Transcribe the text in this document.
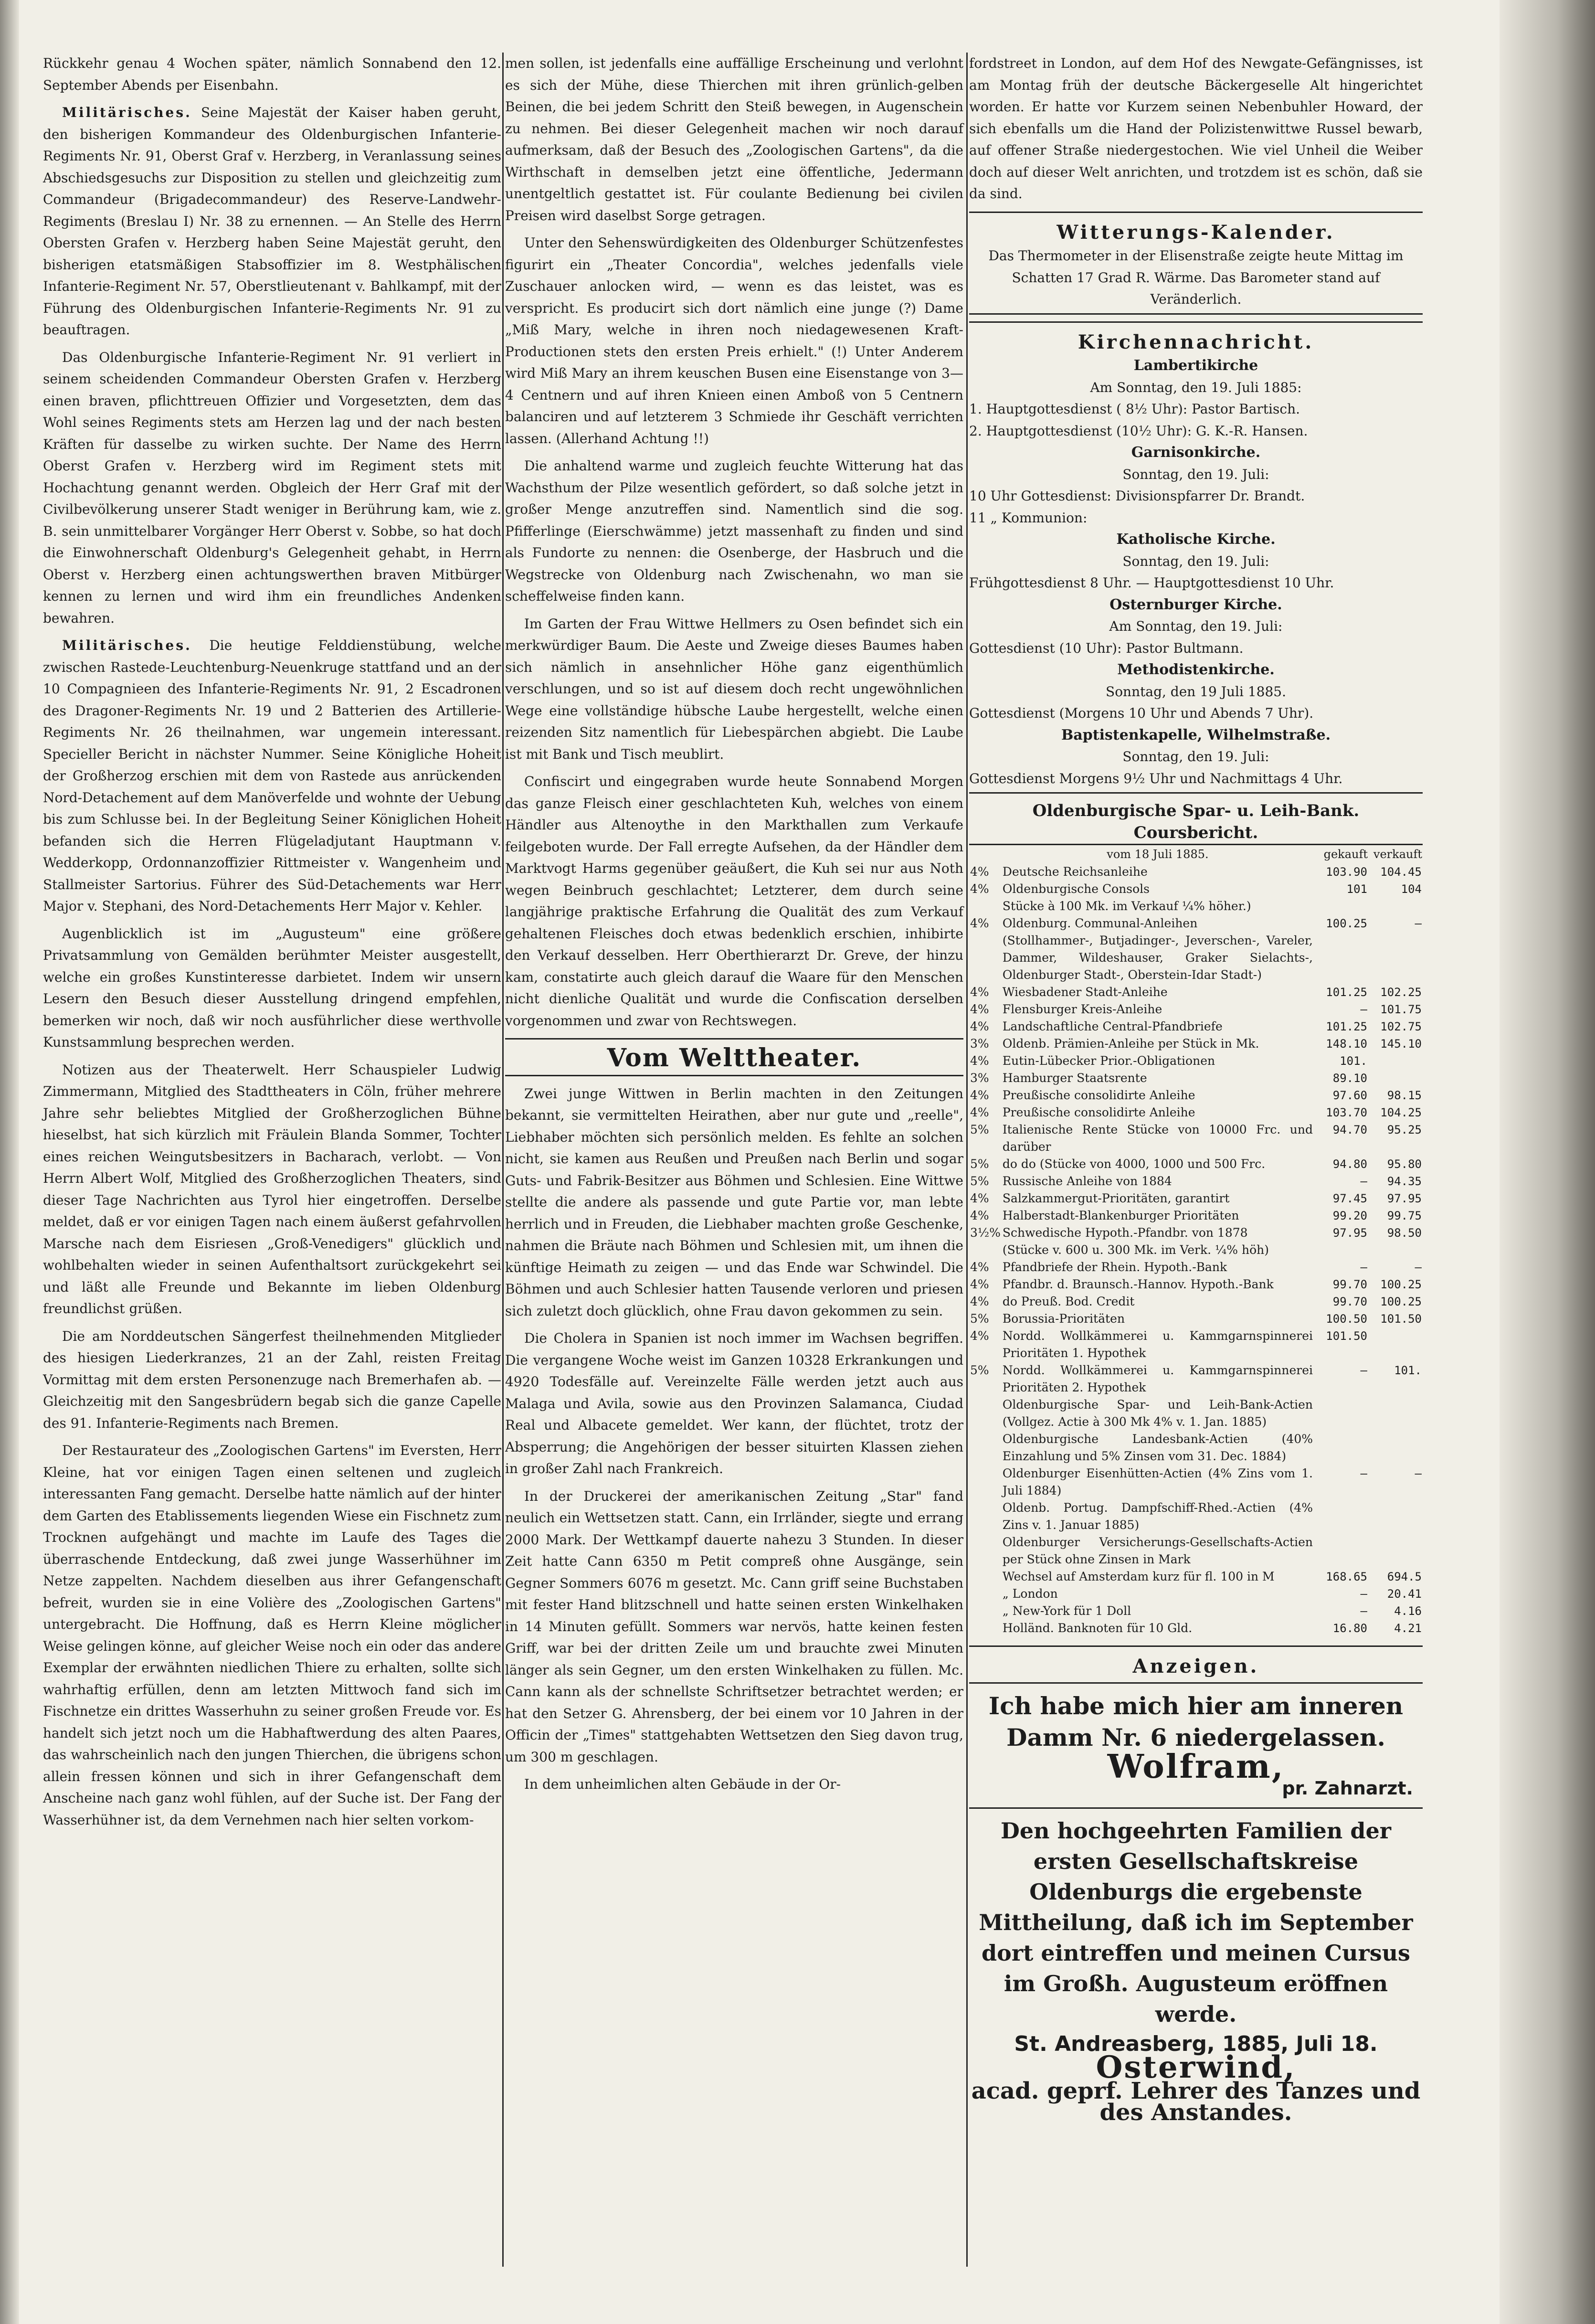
Rückkehr genau 4 Wochen später, nämlich Sonnabend den 12. September Abends per Eisenbahn.

Militärisches. Seine Majestät der Kaiser haben geruht, den bisherigen Kommandeur des Oldenburgischen Infanterie-Regiments Nr. 91, Oberst Graf v. Herzberg, in Veranlassung seines Abschiedsgesuchs zur Disposition zu stellen und gleichzeitig zum Commandeur (Brigadecommandeur) des Reserve-Landwehr-Regiments (Breslau I) Nr. 38 zu ernennen. — An Stelle des Herrn Obersten Grafen v. Herzberg haben Seine Majestät geruht, den bisherigen etatsmäßigen Stabsoffizier im 8. Westphälischen Infanterie-Regiment Nr. 57, Oberstlieutenant v. Bahlkampf, mit der Führung des Oldenburgischen Infanterie-Regiments Nr. 91 zu beauftragen.

Das Oldenburgische Infanterie-Regiment Nr. 91 verliert in seinem scheidenden Commandeur Obersten Grafen v. Herzberg einen braven, pflichttreuen Offizier und Vorgesetzten, dem das Wohl seines Regiments stets am Herzen lag und der nach besten Kräften für dasselbe zu wirken suchte. Der Name des Herrn Oberst Grafen v. Herzberg wird im Regiment stets mit Hochachtung genannt werden. Obgleich der Herr Graf mit der Civilbevölkerung unserer Stadt weniger in Berührung kam, wie z. B. sein unmittelbarer Vorgänger Herr Oberst v. Sobbe, so hat doch die Einwohnerschaft Oldenburg's Gelegenheit gehabt, in Herrn Oberst v. Herzberg einen achtungswerthen braven Mitbürger kennen zu lernen und wird ihm ein freundliches Andenken bewahren.

Militärisches. Die heutige Felddienstübung, welche zwischen Rastede-Leuchtenburg-Neuenkruge stattfand und an der 10 Compagnieen des Infanterie-Regiments Nr. 91, 2 Escadronen des Dragoner-Regiments Nr. 19 und 2 Batterien des Artillerie-Regiments Nr. 26 theilnahmen, war ungemein interessant. Specieller Bericht in nächster Nummer. Seine Königliche Hoheit der Großherzog erschien mit dem von Rastede aus anrückenden Nord-Detachement auf dem Manöverfelde und wohnte der Uebung bis zum Schlusse bei. In der Begleitung Seiner Königlichen Hoheit befanden sich die Herren Flügeladjutant Hauptmann v. Wedderkopp, Ordonnanzoffizier Rittmeister v. Wangenheim und Stallmeister Sartorius. Führer des Süd-Detachements war Herr Major v. Stephani, des Nord-Detachements Herr Major v. Kehler.

Augenblicklich ist im „Augusteum" eine größere Privatsammlung von Gemälden berühmter Meister ausgestellt, welche ein großes Kunstinteresse darbietet. Indem wir unsern Lesern den Besuch dieser Ausstellung dringend empfehlen, bemerken wir noch, daß wir noch ausführlicher diese werthvolle Kunstsammlung besprechen werden.

Notizen aus der Theaterwelt. Herr Schauspieler Ludwig Zimmermann, Mitglied des Stadttheaters in Cöln, früher mehrere Jahre sehr beliebtes Mitglied der Großherzoglichen Bühne hieselbst, hat sich kürzlich mit Fräulein Blanda Sommer, Tochter eines reichen Weingutsbesitzers in Bacharach, verlobt. — Von Herrn Albert Wolf, Mitglied des Großherzoglichen Theaters, sind dieser Tage Nachrichten aus Tyrol hier eingetroffen. Derselbe meldet, daß er vor einigen Tagen nach einem äußerst gefahrvollen Marsche nach dem Eisriesen „Groß-Venedigers" glücklich und wohlbehalten wieder in seinen Aufenthaltsort zurückgekehrt sei und läßt alle Freunde und Bekannte im lieben Oldenburg freundlichst grüßen.

Die am Norddeutschen Sängerfest theilnehmenden Mitglieder des hiesigen Liederkranzes, 21 an der Zahl, reisten Freitag Vormittag mit dem ersten Personenzuge nach Bremerhafen ab. — Gleichzeitig mit den Sangesbrüdern begab sich die ganze Capelle des 91. Infanterie-Regiments nach Bremen.

Der Restaurateur des „Zoologischen Gartens" im Eversten, Herr Kleine, hat vor einigen Tagen einen seltenen und zugleich interessanten Fang gemacht. Derselbe hatte nämlich auf der hinter dem Garten des Etablissements liegenden Wiese ein Fischnetz zum Trocknen aufgehängt und machte im Laufe des Tages die überraschende Entdeckung, daß zwei junge Wasserhühner im Netze zappelten. Nachdem dieselben aus ihrer Gefangenschaft befreit, wurden sie in eine Volière des „Zoologischen Gartens" untergebracht. Die Hoffnung, daß es Herrn Kleine möglicher Weise gelingen könne, auf gleicher Weise noch ein oder das andere Exemplar der erwähnten niedlichen Thiere zu erhalten, sollte sich wahrhaftig erfüllen, denn am letzten Mittwoch fand sich im Fischnetze ein drittes Wasserhuhn zu seiner großen Freude vor. Es handelt sich jetzt noch um die Habhaftwerdung des alten Paares, das wahrscheinlich nach den jungen Thierchen, die übrigens schon allein fressen können und sich in ihrer Gefangenschaft dem Anscheine nach ganz wohl fühlen, auf der Suche ist. Der Fang der Wasserhühner ist, da dem Vernehmen nach hier selten vorkom-

men sollen, ist jedenfalls eine auffällige Erscheinung und verlohnt es sich der Mühe, diese Thierchen mit ihren grünlich-gelben Beinen, die bei jedem Schritt den Steiß bewegen, in Augenschein zu nehmen. Bei dieser Gelegenheit machen wir noch darauf aufmerksam, daß der Besuch des „Zoologischen Gartens", da die Wirthschaft in demselben jetzt eine öffentliche, Jedermann unentgeltlich gestattet ist. Für coulante Bedienung bei civilen Preisen wird daselbst Sorge getragen.

Unter den Sehenswürdigkeiten des Oldenburger Schützenfestes figurirt ein „Theater Concordia", welches jedenfalls viele Zuschauer anlocken wird, — wenn es das leistet, was es verspricht. Es producirt sich dort nämlich eine junge (?) Dame „Miß Mary, welche in ihren noch niedagewesenen Kraft-Productionen stets den ersten Preis erhielt." (!) Unter Anderem wird Miß Mary an ihrem keuschen Busen eine Eisenstange von 3—4 Centnern und auf ihren Knieen einen Amboß von 5 Centnern balanciren und auf letzterem 3 Schmiede ihr Geschäft verrichten lassen. (Allerhand Achtung !!)

Die anhaltend warme und zugleich feuchte Witterung hat das Wachsthum der Pilze wesentlich gefördert, so daß solche jetzt in großer Menge anzutreffen sind. Namentlich sind die sog. Pfifferlinge (Eierschwämme) jetzt massenhaft zu finden und sind als Fundorte zu nennen: die Osenberge, der Hasbruch und die Wegstrecke von Oldenburg nach Zwischenahn, wo man sie scheffelweise finden kann.

Im Garten der Frau Wittwe Hellmers zu Osen befindet sich ein merkwürdiger Baum. Die Aeste und Zweige dieses Baumes haben sich nämlich in ansehnlicher Höhe ganz eigenthümlich verschlungen, und so ist auf diesem doch recht ungewöhnlichen Wege eine vollständige hübsche Laube hergestellt, welche einen reizenden Sitz namentlich für Liebespärchen abgiebt. Die Laube ist mit Bank und Tisch meublirt.

Confiscirt und eingegraben wurde heute Sonnabend Morgen das ganze Fleisch einer geschlachteten Kuh, welches von einem Händler aus Altenoythe in den Markthallen zum Verkaufe feilgeboten wurde. Der Fall erregte Aufsehen, da der Händler dem Marktvogt Harms gegenüber geäußert, die Kuh sei nur aus Noth wegen Beinbruch geschlachtet; Letzterer, dem durch seine langjährige praktische Erfahrung die Qualität des zum Verkauf gehaltenen Fleisches doch etwas bedenklich erschien, inhibirte den Verkauf desselben. Herr Oberthierarzt Dr. Greve, der hinzu kam, constatirte auch gleich darauf die Waare für den Menschen nicht dienliche Qualität und wurde die Confiscation derselben vorgenommen und zwar von Rechtswegen.

Vom Welttheater.

Zwei junge Wittwen in Berlin machten in den Zeitungen bekannt, sie vermittelten Heirathen, aber nur gute und „reelle", Liebhaber möchten sich persönlich melden. Es fehlte an solchen nicht, sie kamen aus Reußen und Preußen nach Berlin und sogar Guts- und Fabrik-Besitzer aus Böhmen und Schlesien. Eine Wittwe stellte die andere als passende und gute Partie vor, man lebte herrlich und in Freuden, die Liebhaber machten große Geschenke, nahmen die Bräute nach Böhmen und Schlesien mit, um ihnen die künftige Heimath zu zeigen — und das Ende war Schwindel. Die Böhmen und auch Schlesier hatten Tausende verloren und priesen sich zuletzt doch glücklich, ohne Frau davon gekommen zu sein.

Die Cholera in Spanien ist noch immer im Wachsen begriffen. Die vergangene Woche weist im Ganzen 10328 Erkrankungen und 4920 Todesfälle auf. Vereinzelte Fälle werden jetzt auch aus Malaga und Avila, sowie aus den Provinzen Salamanca, Ciudad Real und Albacete gemeldet. Wer kann, der flüchtet, trotz der Absperrung; die Angehörigen der besser situirten Klassen ziehen in großer Zahl nach Frankreich.

In der Druckerei der amerikanischen Zeitung „Star" fand neulich ein Wettsetzen statt. Cann, ein Irrländer, siegte und errang 2000 Mark. Der Wettkampf dauerte nahezu 3 Stunden. In dieser Zeit hatte Cann 6350 m Petit compreß ohne Ausgänge, sein Gegner Sommers 6076 m gesetzt. Mc. Cann griff seine Buchstaben mit fester Hand blitzschnell und hatte seinen ersten Winkelhaken in 14 Minuten gefüllt. Sommers war nervös, hatte keinen festen Griff, war bei der dritten Zeile um und brauchte zwei Minuten länger als sein Gegner, um den ersten Winkelhaken zu füllen. Mc. Cann kann als der schnellste Schriftsetzer betrachtet werden; er hat den Setzer G. Ahrensberg, der bei einem vor 10 Jahren in der Officin der „Times" stattgehabten Wettsetzen den Sieg davon trug, um 300 m geschlagen.

In dem unheimlichen alten Gebäude in der Or-

fordstreet in London, auf dem Hof des Newgate-Gefängnisses, ist am Montag früh der deutsche Bäckergeselle Alt hingerichtet worden. Er hatte vor Kurzem seinen Nebenbuhler Howard, der sich ebenfalls um die Hand der Polizistenwittwe Russel bewarb, auf offener Straße niedergestochen. Wie viel Unheil die Weiber doch auf dieser Welt anrichten, und trotzdem ist es schön, daß sie da sind.

Witterungs-Kalender.

Das Thermometer in der Elisenstraße zeigte heute Mittag im Schatten 17 Grad R. Wärme. Das Barometer stand auf Veränderlich.

Kirchennachricht.

Lambertikirche

Am Sonntag, den 19. Juli 1885:

1. Hauptgottesdienst ( 8½ Uhr): Pastor Bartisch.

2. Hauptgottesdienst (10½ Uhr): G. K.-R. Hansen.

Garnisonkirche.

Sonntag, den 19. Juli:

10 Uhr Gottesdienst: Divisionspfarrer Dr. Brandt.

11 „ Kommunion:

Katholische Kirche.

Sonntag, den 19. Juli:

Frühgottesdienst 8 Uhr. — Hauptgottesdienst 10 Uhr.

Osternburger Kirche.

Am Sonntag, den 19. Juli:

Gottesdienst (10 Uhr): Pastor Bultmann.

Methodistenkirche.

Sonntag, den 19 Juli 1885.

Gottesdienst (Morgens 10 Uhr und Abends 7 Uhr).

Baptistenkapelle, Wilhelmstraße.

Sonntag, den 19. Juli:

Gottesdienst Morgens 9½ Uhr und Nachmittags 4 Uhr.

Oldenburgische Spar- u. Leih-Bank. Coursbericht.
	vom 18 Juli 1885.	gekauft	verkauft
4%	Deutsche Reichsanleihe	103.90	104.45
4%	Oldenburgische Consols	101	104
	Stücke à 100 Mk. im Verkauf ¼% höher.)		
4%	Oldenburg. Communal-Anleihen	100.25	—
	(Stollhammer-, Butjadinger-, Jeverschen-, Vareler, Dammer, Wildeshauser, Graker Sielachts-, Oldenburger Stadt-, Oberstein-Idar Stadt-)		
4%	Wiesbadener Stadt-Anleihe	101.25	102.25
4%	Flensburger Kreis-Anleihe	—	101.75
4%	Landschaftliche Central-Pfandbriefe	101.25	102.75
3%	Oldenb. Prämien-Anleihe per Stück in Mk.	148.10	145.10
4%	Eutin-Lübecker Prior.-Obligationen	101.	
3%	Hamburger Staatsrente	89.10	
4%	Preußische consolidirte Anleihe	97.60	98.15
4%	Preußische consolidirte Anleihe	103.70	104.25
5%	Italienische Rente Stücke von 10000 Frc. und darüber	94.70	95.25
5%	do do (Stücke von 4000, 1000 und 500 Frc.	94.80	95.80
5%	Russische Anleihe von 1884	—	94.35
4%	Salzkammergut-Prioritäten, garantirt	97.45	97.95
4%	Halberstadt-Blankenburger Prioritäten	99.20	99.75
3½%	Schwedische Hypoth.-Pfandbr. von 1878	97.95	98.50
	(Stücke v. 600 u. 300 Mk. im Verk. ¼% höh)		
4%	Pfandbriefe der Rhein. Hypoth.-Bank	—	—
4%	Pfandbr. d. Braunsch.-Hannov. Hypoth.-Bank	99.70	100.25
4%	do Preuß. Bod. Credit	99.70	100.25
5%	Borussia-Prioritäten	100.50	101.50
4%	Nordd. Wollkämmerei u. Kammgarnspinnerei Prioritäten 1. Hypothek	101.50	
5%	Nordd. Wollkämmerei u. Kammgarnspinnerei Prioritäten 2. Hypothek	—	101.
	Oldenburgische Spar- und Leih-Bank-Actien (Vollgez. Actie à 300 Mk 4% v. 1. Jan. 1885)		
	Oldenburgische Landesbank-Actien (40% Einzahlung und 5% Zinsen vom 31. Dec. 1884)		
	Oldenburger Eisenhütten-Actien (4% Zins vom 1. Juli 1884)	—	—
	Oldenb. Portug. Dampfschiff-Rhed.-Actien (4% Zins v. 1. Januar 1885)		
	Oldenburger Versicherungs-Gesellschafts-Actien per Stück ohne Zinsen in Mark		
	Wechsel auf Amsterdam kurz für fl. 100 in M	168.65	694.5
	„ London	—	20.41
	„ New-York für 1 Doll	—	4.16
	Holländ. Banknoten für 10 Gld.	16.80	4.21
Anzeigen.

Ich habe mich hier am inneren Damm Nr. 6 niedergelassen.

Wolfram,

pr. Zahnarzt.

Den hochgeehrten Familien der ersten Gesellschaftskreise Oldenburgs die ergebenste Mittheilung, daß ich im September dort eintreffen und meinen Cursus im Großh. Augusteum eröffnen werde.

St. Andreasberg, 1885, Juli 18.

Osterwind,

acad. geprf. Lehrer des Tanzes und des Anstandes.
